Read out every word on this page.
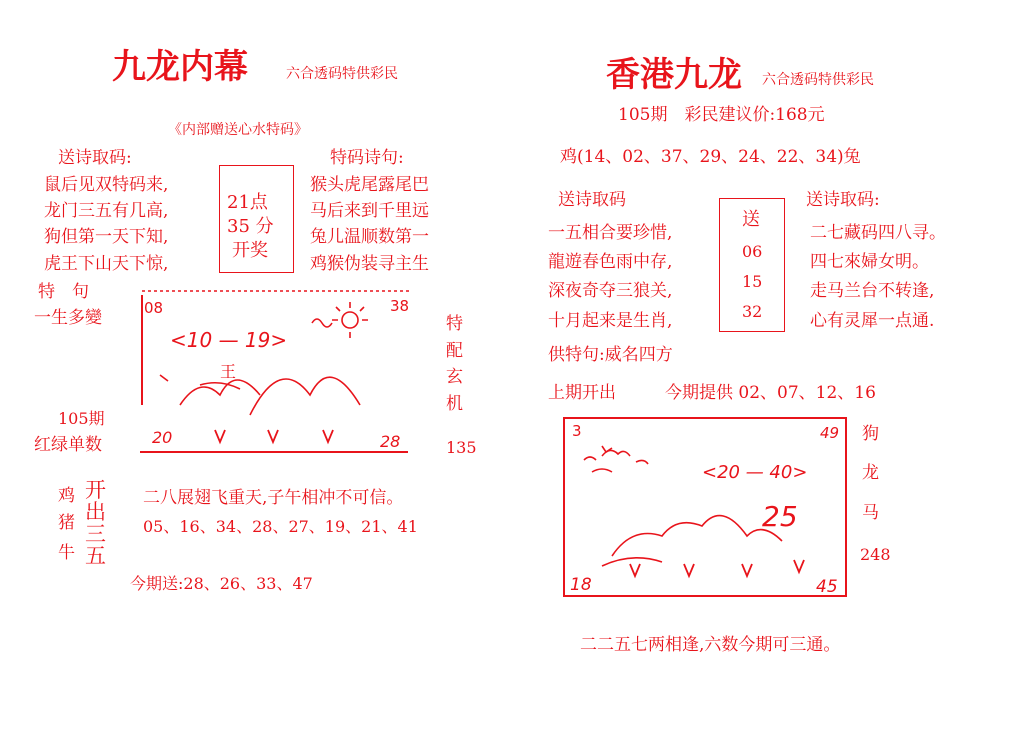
九龙内幕	六合透码特供彩民
《内部赠送心水特码》
送诗取码:	特码诗句:
鼠后见双特码来,
龙门三五有几高,
狗但第一天下知,
虎王下山天下惊,
21点
35 分
开奖
猴头虎尾露尾巴
马后来到千里远
兔儿温顺数第一
鸡猴伪装寻主生
特　句
一生多變	08	38
<10 — 19>
王
20	28
特
配
玄
机
105期
红绿单数	135
鸡
猪
牛
开
出
三
五
二八展翅飞重天,子午相冲不可信。
05、16、34、28、27、19、21、41
今期送:28、26、33、47
香港九龙 六合透码特供彩民
105期　彩民建议价:168元
鸡(14、02、37、29、24、22、34)兔
送诗取码	送诗取码:
一五相合要珍惜,
龍遊春色雨中存,
深夜奇夺三狼关,
十月起来是生肖,
送
06
15
32
二七藏码四八寻。
四七來婦女明。
走马兰台不转逢,
心有灵犀一点通.
供特句:威名四方
上期开出	今期提供 02、07、12、16
3	49
<20 — 40>
25
18	45
狗
龙
马
248
二二五七两相逢,六数今期可三通。
